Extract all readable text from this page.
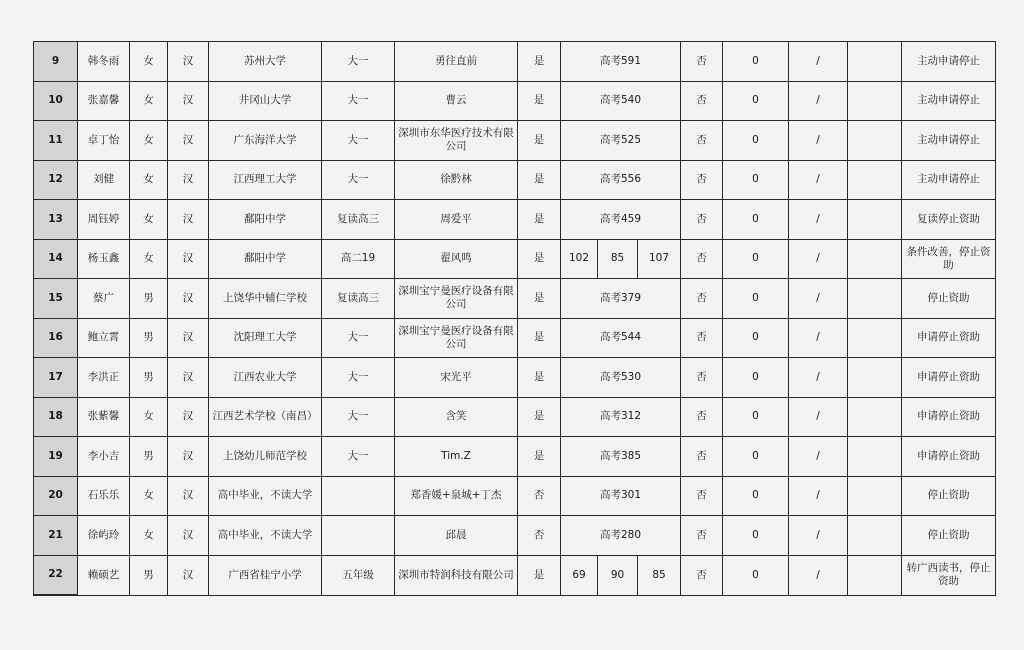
9	韩冬雨	女	汉	苏州大学	大一	勇往直前	是	高考591			否	0	/		主动申请停止
10	张嘉馨	女	汉	井冈山大学	大一	曹云	是	高考540			否	0	/		主动申请停止
11	卓丁怡	女	汉	广东海洋大学	大一	深圳市东华医疗技术有限公司	是	高考525			否	0	/		主动申请停止
12	刘健	女	汉	江西理工大学	大一	徐黔林	是	高考556			否	0	/		主动申请停止
13	周钰婷	女	汉	鄱阳中学	复读高三	周爱平	是	高考459			否	0	/		复读停止资助
14	杨玉鑫	女	汉	鄱阳中学	高二19	翟风鸣	是	102	85	107	否	0	/		条件改善，停止资助
15	蔡广	男	汉	上饶华中辅仁学校	复读高三	深圳宝宁曼医疗设备有限公司	是	高考379			否	0	/		停止资助
16	鲍立霄	男	汉	沈阳理工大学	大一	深圳宝宁曼医疗设备有限公司	是	高考544			否	0	/		申请停止资助
17	李洪正	男	汉	江西农业大学	大一	宋光平	是	高考530			否	0	/		申请停止资助
18	张紫馨	女	汉	江西艺术学校（南昌）	大一	含笑	是	高考312			否	0	/		申请停止资助
19	李小吉	男	汉	上饶幼儿师范学校	大一	Tim.Z	是	高考385			否	0	/		申请停止资助
20	石乐乐	女	汉	高中毕业，不读大学		郑香媛+泉城+丁杰	否	高考301			否	0	/		停止资助
21	徐屿玲	女	汉	高中毕业，不读大学		邱晨	否	高考280			否	0	/		停止资助
22	赖硕艺	男	汉	广西省桂宁小学	五年级	深圳市特润科技有限公司	是	69	90	85	否	0	/		转广西读书，停止资助
